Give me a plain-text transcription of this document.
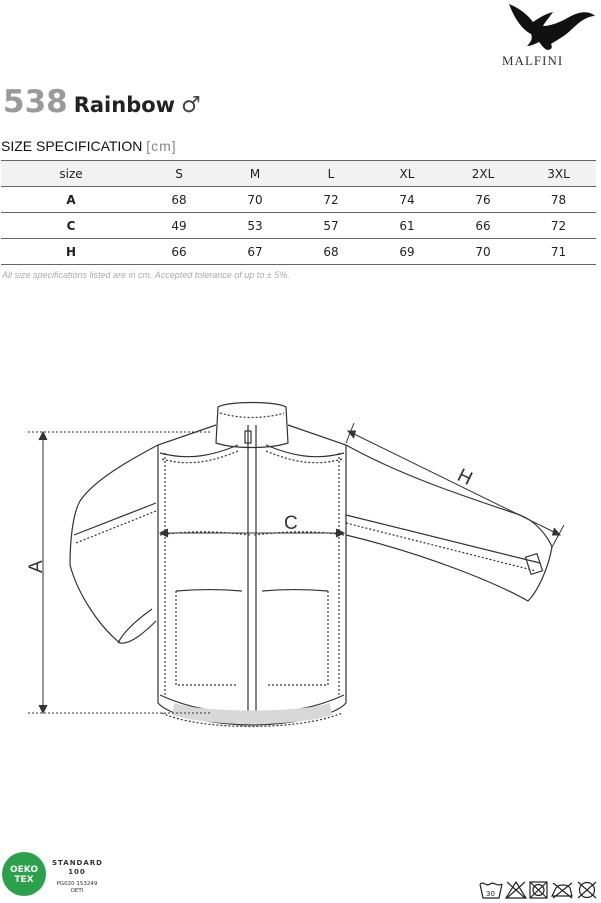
MALFINI
538 Rainbow ♂
SIZE SPECIFICATION [cm]
size	S	M	L	XL	2XL	3XL
A	68	70	72	74	76	78
C	49	53	57	61	66	72
H	66	67	68	69	70	71
All size specifications listed are in cm. Accepted tolerance of up to ± 5%.
A
C
H
OEKO
TEX
STANDARD
100
PG020 153249
OETI	30
